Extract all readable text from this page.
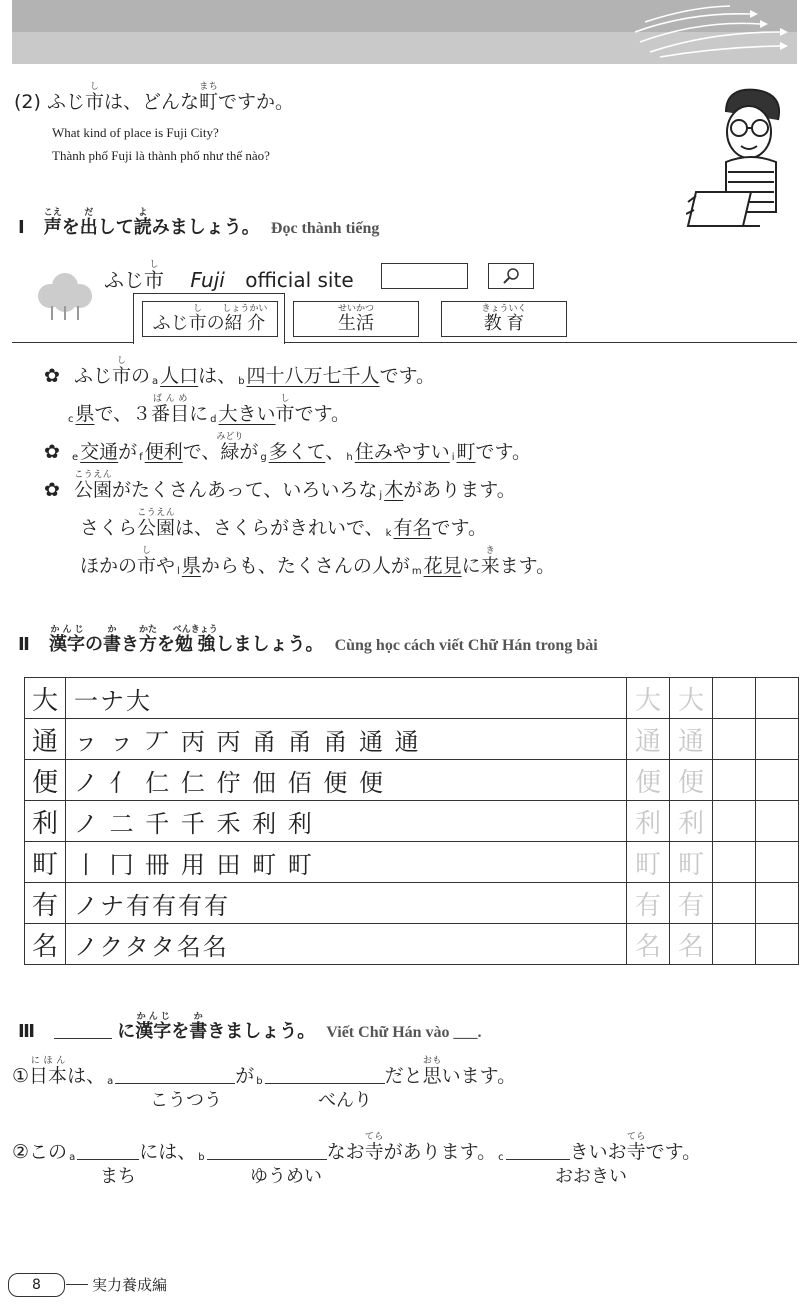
(2) ふじ市しは、どんな町まちですか。
What kind of place is Fuji City?
Thành phố Fuji là thành phố như thế nào?
Ⅰ 声こえを出だして読よみましょう。 Đọc thành tiếng
ふじ市し Fuji official site
ふじ市しの紹介しょうかい
生活せいかつ
教育きょういく
✿ ふじ市しの $_a$ 人口は、 $_b$ 四十八万七千人です。
$_c$ 県で、３番目ばんめに $_d$ 大きい市しです。
✿ $_e$ 交通が $_f$ 便利で、緑みどりが $_g$ 多くて、 $_h$ 住みやすい $_i$ 町です。
✿ 公園こうえんがたくさんあって、いろいろな $_j$ 木があります。
さくら公園こうえんは、さくらがきれいで、 $_k$ 有名です。
ほかの市しや $_l$ 県からも、たくさんの人が $_m$ 花見に来きます。
Ⅱ 漢字かんじの書かき方かたを勉強べんきょうしましょう。 Cùng học cách viết Chữ Hán trong bài
大	一ナ大	大	大		
通	ㇷ ㇷ 丆 丙 丙 甬 甬 甬 通 通	通	通		
便	ノ 亻 仁 仁 佇 佃 佰 便 便	便	便		
利	ノ 二 千 千 禾 利 利	利	利		
町	丨 冂 冊 用 田 町 町	町	町		
有	ノナ有有有有	有	有		
名	ノクタタ名名	名	名		
Ⅲ	に漢字かんじを書かきましょう。 Viết Chữ Hán vào ___.
①日本にほんは、 $_a$	が $_b$	だと思おもいます。
こうつう	べんり
②この $_a$	には、 $_b$	なお寺てらがあります。 $_c$	きいお寺てらです。
まち	ゆうめい	おおきい
8	実力養成編
